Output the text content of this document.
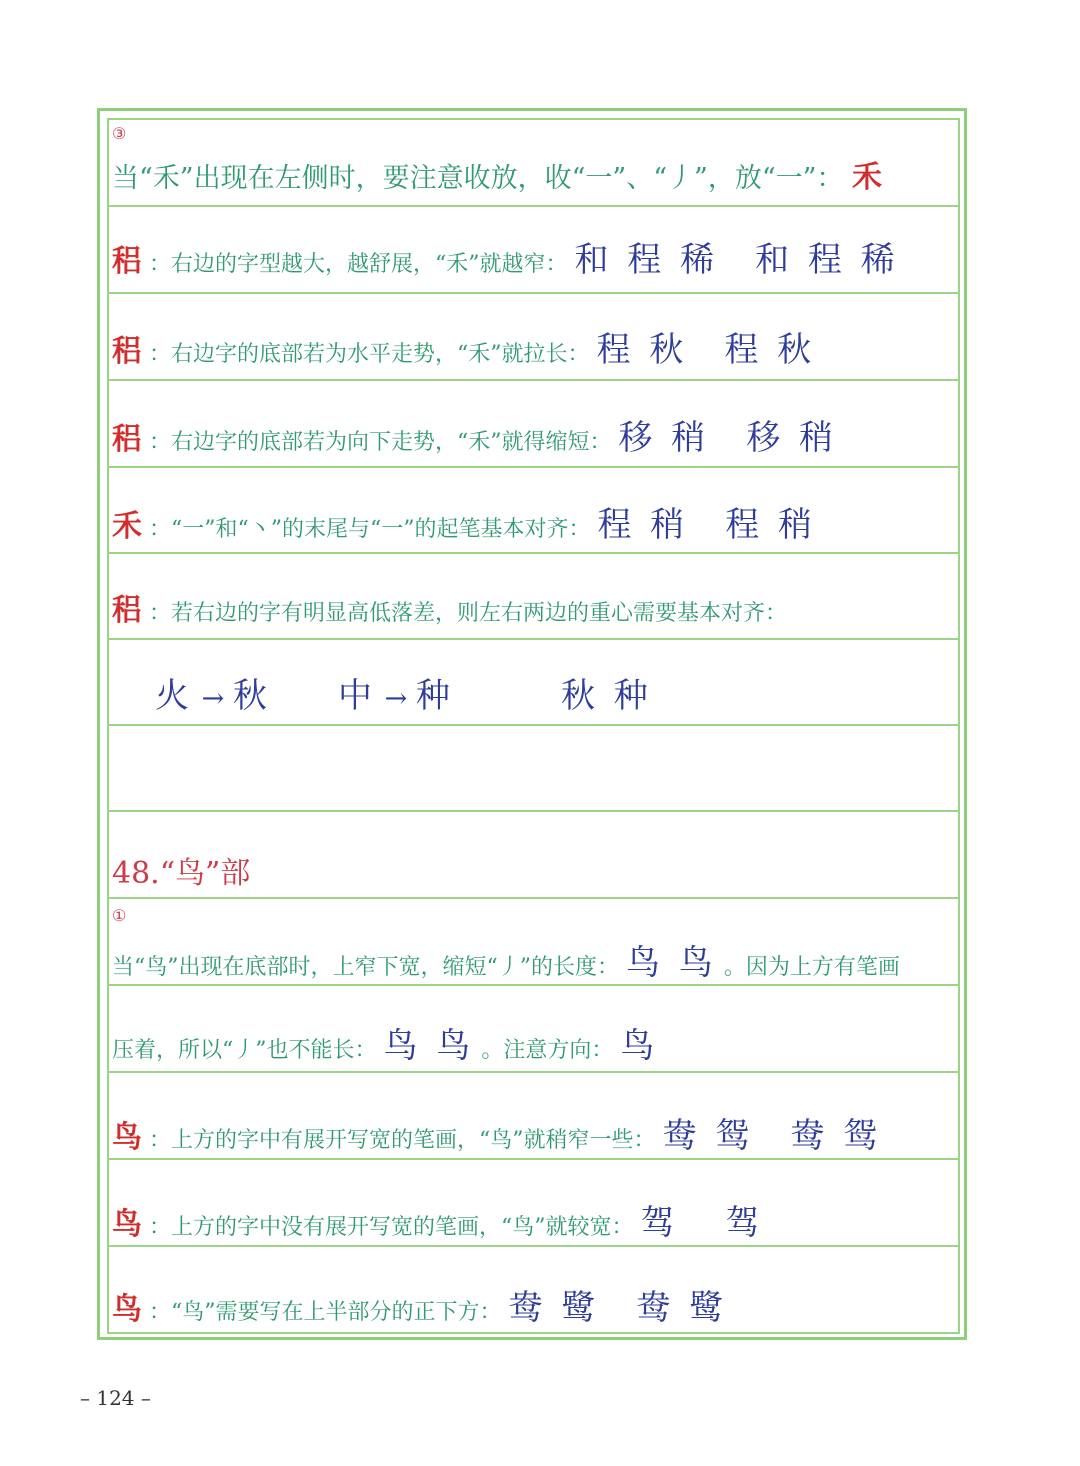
③
当“禾”出现在左侧时，要注意收放，收“一”、“丿”，放“一”： 禾
稆 ：右边的字型越大，越舒展，“禾”就越窄： 和 程 稀 和 程 稀
稆 ：右边字的底部若为水平走势，“禾”就拉长： 程 秋 程 秋
稆 ：右边字的底部若为向下走势，“禾”就得缩短： 移 稍 移 稍
禾 ：“一”和“丶”的末尾与“一”的起笔基本对齐： 程 稍 程 稍
稆 ：若右边的字有明显高低落差，则左右两边的重心需要基本对齐：
火 → 秋 中 → 种	秋 种
48.“鸟”部
①
当“鸟”出现在底部时，上窄下宽，缩短“丿”的长度： 鸟 鸟 。因为上方有笔画
压着，所以“丿”也不能长： 鸟 鸟 。注意方向： 鸟
鸟 ：上方的字中有展开写宽的笔画，“鸟”就稍窄一些： 鸯 鸳 鸯 鸳
鸟 ：上方的字中没有展开写宽的笔画，“鸟”就较宽： 驾 驾
鸟 ：“鸟”需要写在上半部分的正下方： 鸯 鹭 鸯 鹭
– 124 –
